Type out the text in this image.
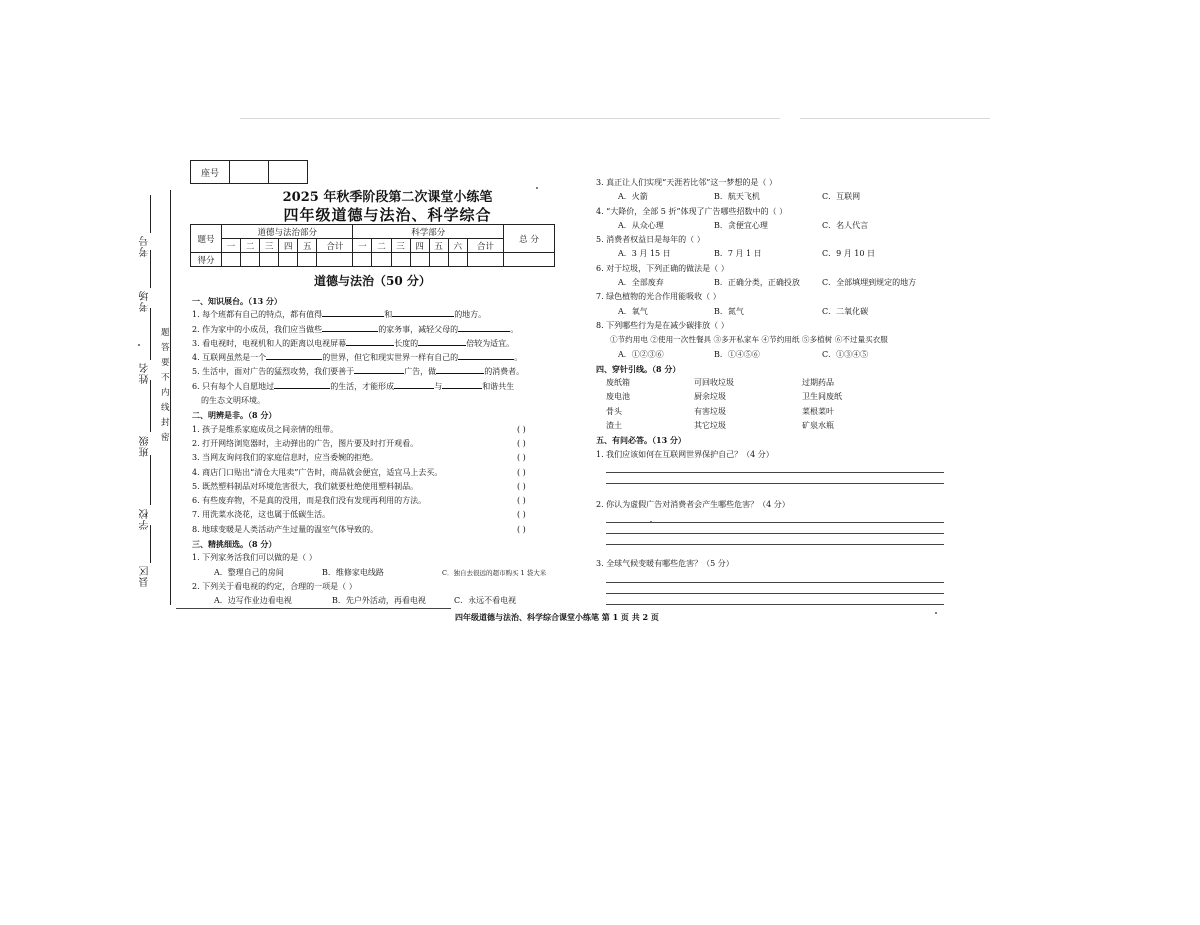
考号
考场
姓名
班级
学校
县区
题
答
要
不
内
线
封
密
座号		
2025 年秋季阶段第二次课堂小练笔
四年级道德与法治、科学综合
题号	道德与法治部分						科学部分							总 分
	一	二	三	四	五	合计	一	二	三	四	五	六	合计	
得分														
道德与法治（50 分）
一、知识展台。（13 分）
1. 每个班都有自己的特点，都有值得	和	的地方。
2. 作为家中的小成员，我们应当做些	的家务事，减轻父母的	。
3. 看电视时，电视机和人的距离以电视屏幕	长度的	倍较为适宜。
4. 互联网虽然是一个	的世界，但它和现实世界一样有自己的	。
5. 生活中，面对广告的猛烈攻势，我们要善于	广告，做	的消费者。
6. 只有每个人自愿地过	的生活，才能形成	与	和谐共生
的生态文明环境。
二、明辨是非。（8 分）
1. 孩子是维系家庭成员之间亲情的纽带。	( )
2. 打开网络浏览器时，主动弹出的广告，图片要及时打开观看。	( )
3. 当网友询问我们的家庭信息时，应当委婉的拒绝。	( )
4. 商店门口贴出“清仓大甩卖”广告时，商品就会便宜，适宜马上去买。	( )
5. 既然塑料制品对环境危害很大，我们就要杜绝使用塑料制品。	( )
6. 有些废弃物，不是真的没用，而是我们没有发现再利用的方法。	( )
7. 用洗菜水浇花，这也属于低碳生活。	( )
8. 地球变暖是人类活动产生过量的温室气体导致的。	( )
三、精挑细选。（8 分）
1. 下列家务活我们可以做的是（ ）
A．整理自己的房间	B．维修家电线路	C．独自去很远的超市购买 1 袋大米
2. 下列关于看电视的约定，合理的一项是（ ）
A．边写作业边看电视	B．先户外活动，再看电视	C．永远不看电视
3. 真正让人们实现“天涯若比邻”这一梦想的是（ ）
A．火箭	B．航天飞机	C．互联网
4. “大降价，全部 5 折”体现了广告哪些招数中的（ ）
A．从众心理	B．贪便宜心理	C．名人代言
5. 消费者权益日是每年的（ ）
A．3 月 15 日	B．7 月 1 日	C．9 月 10 日
6. 对于垃圾，下列正确的做法是（ ）
A．全部废弃	B．正确分类，正确投放	C．全部填埋到规定的地方
7. 绿色植物的光合作用能吸收（ ）
A．氧气	B．氮气	C．二氧化碳
8. 下列哪些行为是在减少碳排放（ ）
①节约用电 ②使用一次性餐具 ③多开私家车 ④节约用纸 ⑤多植树 ⑥不过量买衣服
A．①②③⑥	B．①④⑤⑥	C．①③④⑤
四、穿针引线。（8 分）
废纸箱	可回收垃圾	过期药品
废电池	厨余垃圾	卫生间废纸
骨头	有害垃圾	菜根菜叶
渣土	其它垃圾	矿泉水瓶
五、有问必答。（13 分）
1. 我们应该如何在互联网世界保护自己？（4 分）
2. 你认为虚假广告对消费者会产生哪些危害？（4 分）
3. 全球气候变暖有哪些危害？（5 分）
四年级道德与法治、科学综合课堂小练笔 第 1 页 共 2 页
